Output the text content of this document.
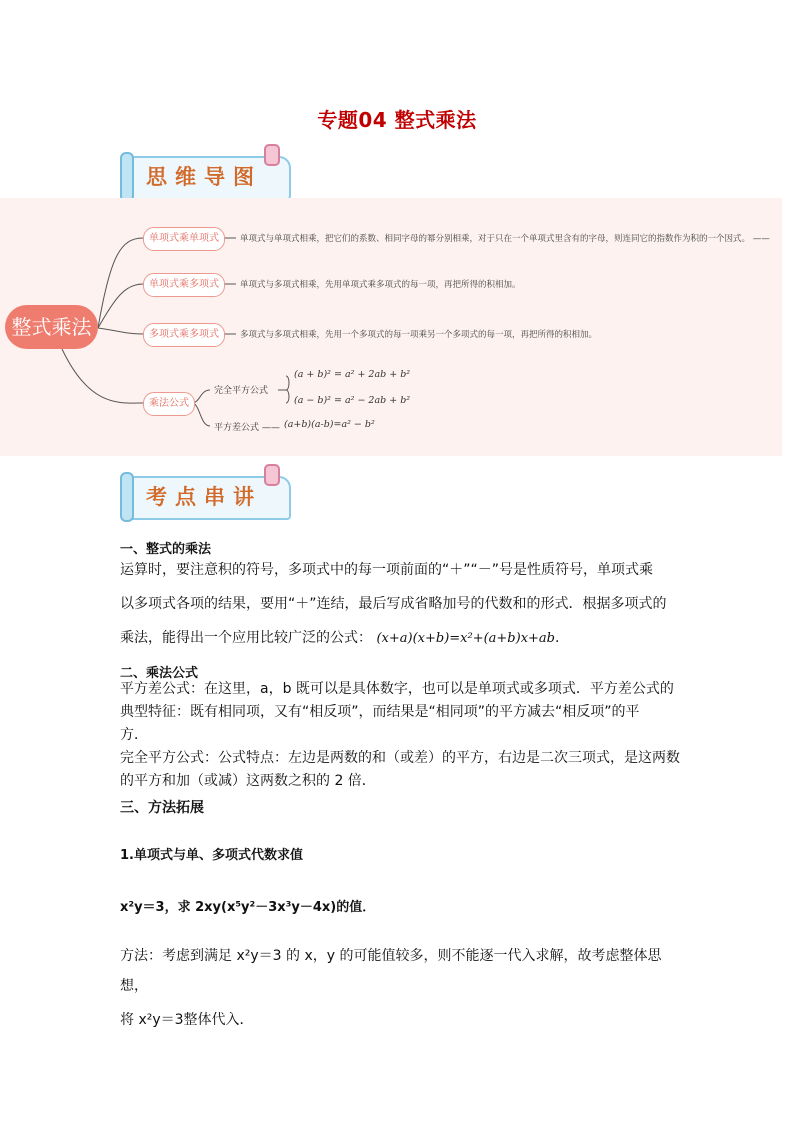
专题04 整式乘法
思维导图
整式乘法
单项式乘单项式	单项式与单项式相乘，把它们的系数、相同字母的幂分别相乘，对于只在一个单项式里含有的字母，则连同它的指数作为积的一个因式。 ——
单项式乘多项式	单项式与多项式相乘，先用单项式乘多项式的每一项，再把所得的积相加。
多项式乘多项式	多项式与多项式相乘，先用一个多项式的每一项乘另一个多项式的每一项，再把所得的积相加。
乘法公式
完全平方公式
(a + b)² = a² + 2ab + b²
(a − b)² = a² − 2ab + b²
平方差公式 —— (a+b)(a-b)=a² − b²
考点串讲
一、整式的乘法
运算时，要注意积的符号，多项式中的每一项前面的“＋”“－”号是性质符号，单项式乘
以多项式各项的结果，要用“＋”连结，最后写成省略加号的代数和的形式．根据多项式的
乘法，能得出一个应用比较广泛的公式： (x+a)(x+b)=x²+(a+b)x+ab.
二、乘法公式
平方差公式：在这里，a，b 既可以是具体数字，也可以是单项式或多项式．平方差公式的
典型特征：既有相同项，又有“相反项”，而结果是“相同项”的平方减去“相反项”的平
方．
完全平方公式：公式特点：左边是两数的和（或差）的平方，右边是二次三项式，是这两数
的平方和加（或减）这两数之积的 2 倍．
三、方法拓展
1.单项式与单、多项式代数求值
x²y＝3，求 2xy(x⁵y²－3x³y－4x)的值．
方法：考虑到满足 x²y＝3 的 x，y 的可能值较多，则不能逐一代入求解，故考虑整体思想，
将 x²y＝3整体代入．
